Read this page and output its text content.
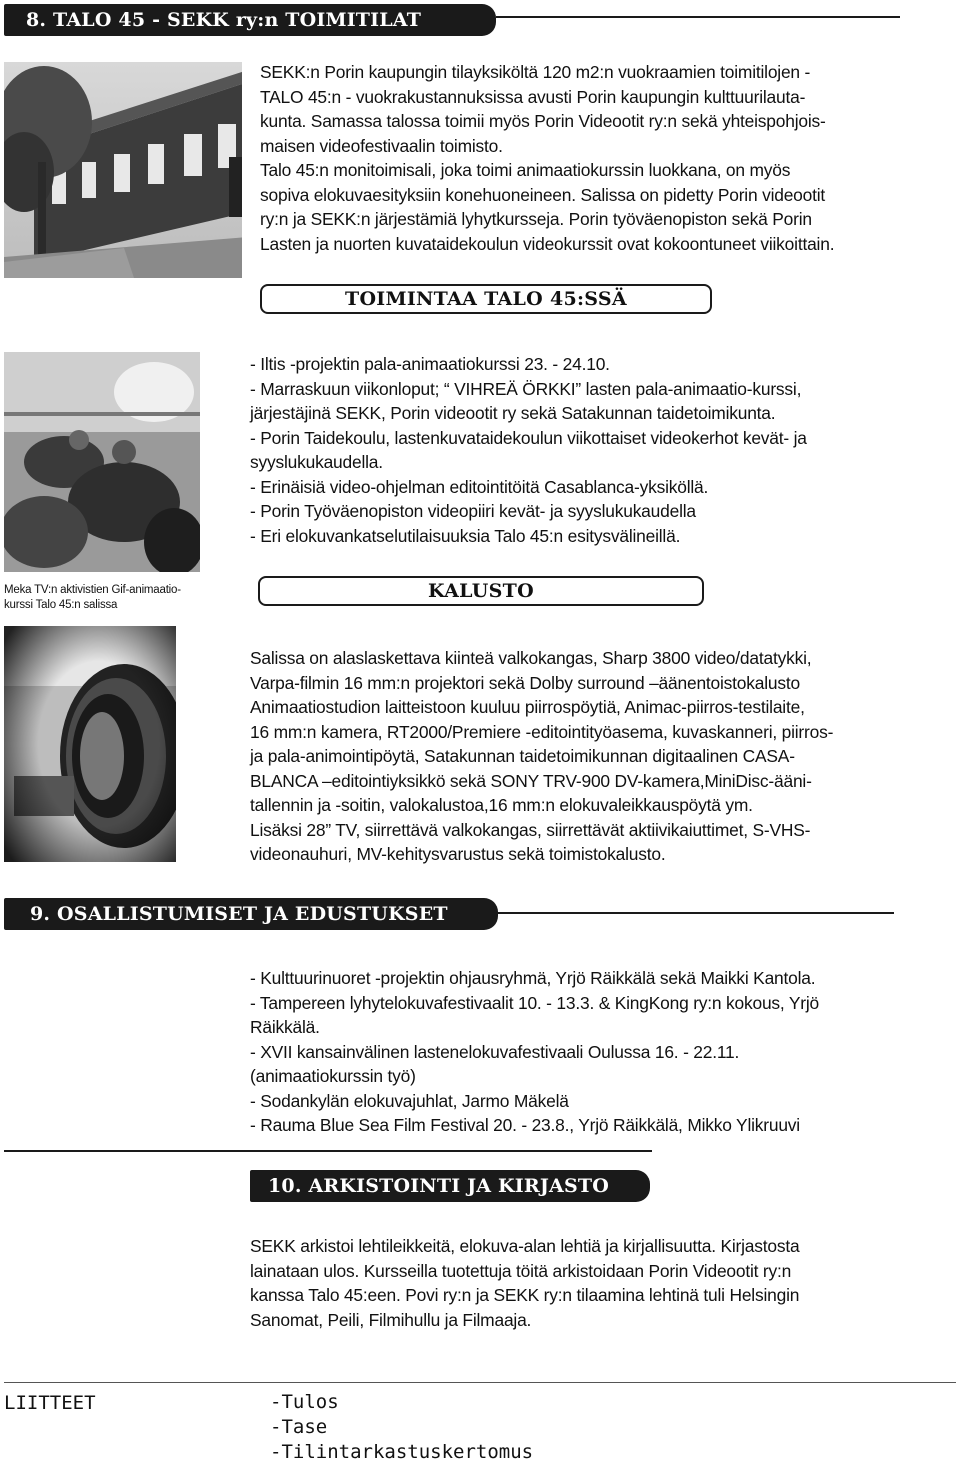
8. TALO 45 - SEKK ry:n TOIMITILAT
SEKK:n Porin kaupungin tilayksiköltä 120 m2:n vuokraamien toimitilojen -
TALO 45:n - vuokrakustannuksissa avusti Porin kaupungin kulttuurilauta-
kunta. Samassa talossa toimii myös Porin Videootit ry:n sekä yhteispohjois-
maisen videofestivaalin toimisto.
Talo 45:n monitoimisali, joka toimi animaatiokurssin luokkana, on myös
sopiva elokuvaesityksiin konehuoneineen. Salissa on pidetty Porin videootit
ry:n ja SEKK:n järjestämiä lyhytkursseja. Porin työväenopiston sekä Porin
Lasten ja nuorten kuvataidekoulun videokurssit ovat kokoontuneet viikoittain.
TOIMINTAA TALO 45:SSÄ
Meka TV:n aktivistien Gif-animaatio-
kurssi Talo 45:n salissa
- Iltis -projektin pala-animaatiokurssi 23. - 24.10.
- Marraskuun viikonloput; “ VIHREÄ ÖRKKI” lasten pala-animaatio-kurssi,
järjestäjinä SEKK, Porin videootit ry sekä Satakunnan taidetoimikunta.
- Porin Taidekoulu, lastenkuvataidekoulun viikottaiset videokerhot kevät- ja
syyslukukaudella.
- Erinäisiä video-ohjelman editointitöitä Casablanca-yksiköllä.
- Porin Työväenopiston videopiiri kevät- ja syyslukukaudella
- Eri elokuvankatselutilaisuuksia Talo 45:n esitysvälineillä.
KALUSTO
Salissa on alaslaskettava kiinteä valkokangas, Sharp 3800 video/datatykki,
Varpa-filmin 16 mm:n projektori sekä Dolby surround –äänentoistokalusto
Animaatiostudion laitteistoon kuuluu piirrospöytiä, Animac-piirros-testilaite,
16 mm:n kamera, RT2000/Premiere -editointityöasema, kuvaskanneri, piirros-
ja pala-animointipöytä, Satakunnan taidetoimikunnan digitaalinen CASA-
BLANCA –editointiyksikkö sekä SONY TRV-900 DV-kamera,MiniDisc-ääni-
tallennin ja -soitin, valokalustoa,16 mm:n elokuvaleikkauspöytä ym.
Lisäksi 28” TV, siirrettävä valkokangas, siirrettävät aktiivikaiuttimet, S-VHS-
videonauhuri, MV-kehitysvarustus sekä toimistokalusto.
9. OSALLISTUMISET JA EDUSTUKSET
- Kulttuurinuoret -projektin ohjausryhmä, Yrjö Räikkälä sekä Maikki Kantola.
- Tampereen lyhytelokuvafestivaalit 10. - 13.3. & KingKong ry:n kokous, Yrjö
Räikkälä.
- XVII kansainvälinen lastenelokuvafestivaali Oulussa 16. - 22.11.
(animaatiokurssin työ)
- Sodankylän elokuvajuhlat, Jarmo Mäkelä
- Rauma Blue Sea Film Festival 20. - 23.8., Yrjö Räikkälä, Mikko Ylikruuvi
10. ARKISTOINTI JA KIRJASTO
SEKK arkistoi lehtileikkeitä, elokuva-alan lehtiä ja kirjallisuutta. Kirjastosta
lainataan ulos. Kursseilla tuotettuja töitä arkistoidaan Porin Videootit ry:n
kanssa Talo 45:een. Povi ry:n ja SEKK ry:n tilaamina lehtinä tuli Helsingin
Sanomat, Peili, Filmihullu ja Filmaaja.
LIITTEET	-Tulos
-Tase
-Tilintarkastuskertomus
